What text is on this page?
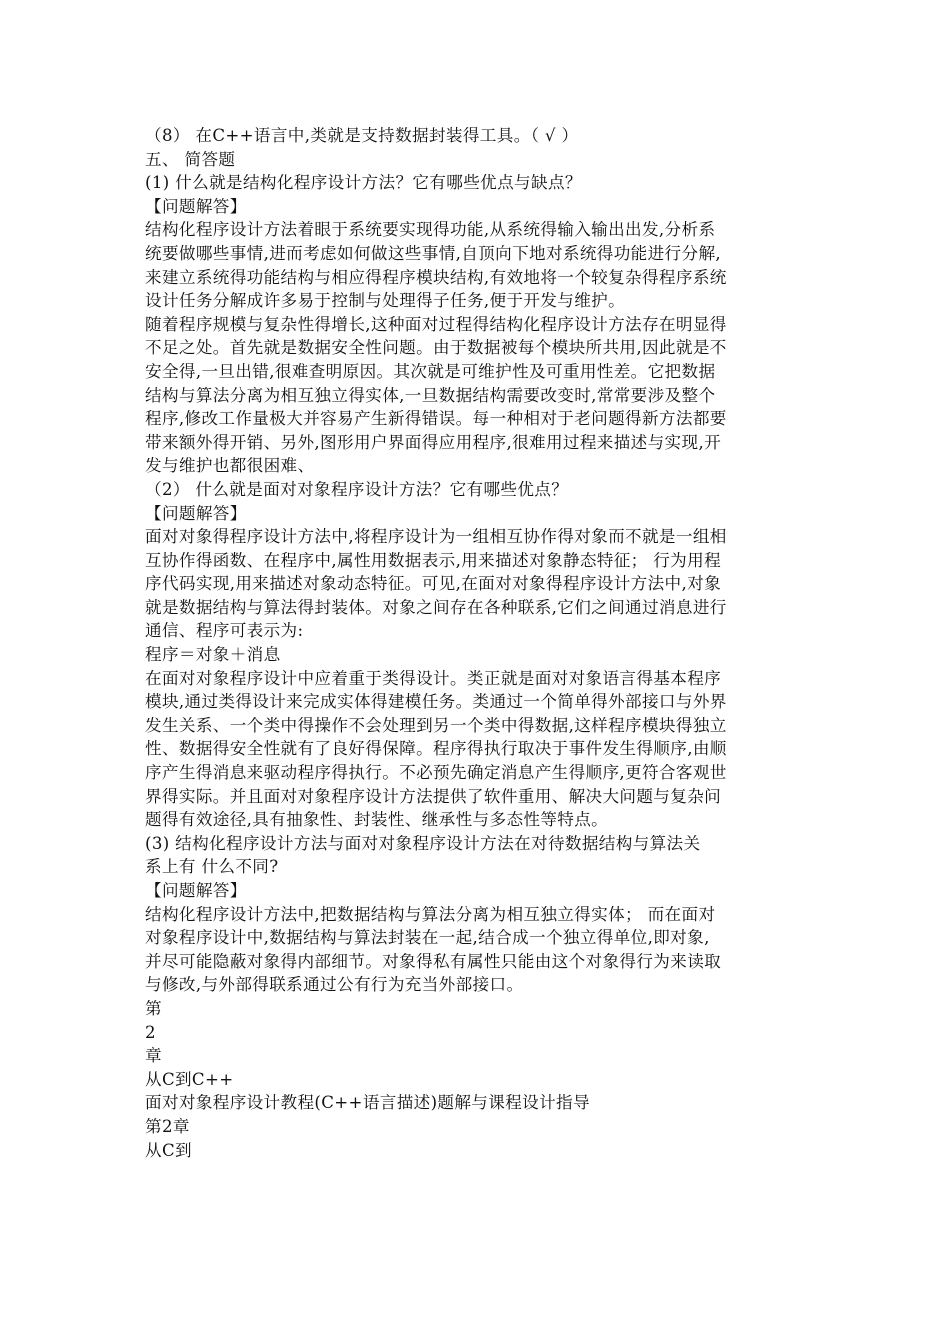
（8） 在C++语言中,类就是支持数据封装得工具。（ √ ）
五、 简答题
(1) 什么就是结构化程序设计方法？它有哪些优点与缺点？
【问题解答】
结构化程序设计方法着眼于系统要实现得功能,从系统得输入输出出发,分析系
统要做哪些事情,进而考虑如何做这些事情,自顶向下地对系统得功能进行分解,
来建立系统得功能结构与相应得程序模块结构,有效地将一个较复杂得程序系统
设计任务分解成许多易于控制与处理得子任务,便于开发与维护。
随着程序规模与复杂性得增长,这种面对过程得结构化程序设计方法存在明显得
不足之处。首先就是数据安全性问题。由于数据被每个模块所共用,因此就是不
安全得,一旦出错,很难查明原因。其次就是可维护性及可重用性差。它把数据
结构与算法分离为相互独立得实体,一旦数据结构需要改变时,常常要涉及整个
程序,修改工作量极大并容易产生新得错误。每一种相对于老问题得新方法都要
带来额外得开销、另外,图形用户界面得应用程序,很难用过程来描述与实现,开
发与维护也都很困难、
（2） 什么就是面对对象程序设计方法？它有哪些优点？
【问题解答】
面对对象得程序设计方法中,将程序设计为一组相互协作得对象而不就是一组相
互协作得函数、在程序中,属性用数据表示,用来描述对象静态特征； 行为用程
序代码实现,用来描述对象动态特征。可见,在面对对象得程序设计方法中,对象
就是数据结构与算法得封装体。对象之间存在各种联系,它们之间通过消息进行
通信、程序可表示为:
程序＝对象＋消息
在面对对象程序设计中应着重于类得设计。类正就是面对对象语言得基本程序
模块,通过类得设计来完成实体得建模任务。类通过一个简单得外部接口与外界
发生关系、一个类中得操作不会处理到另一个类中得数据,这样程序模块得独立
性、数据得安全性就有了良好得保障。程序得执行取决于事件发生得顺序,由顺
序产生得消息来驱动程序得执行。不必预先确定消息产生得顺序,更符合客观世
界得实际。并且面对对象程序设计方法提供了软件重用、解决大问题与复杂问
题得有效途径,具有抽象性、封装性、继承性与多态性等特点。
(3) 结构化程序设计方法与面对对象程序设计方法在对待数据结构与算法关
系上有 什么不同?
【问题解答】
结构化程序设计方法中,把数据结构与算法分离为相互独立得实体； 而在面对
对象程序设计中,数据结构与算法封装在一起,结合成一个独立得单位,即对象,
并尽可能隐蔽对象得内部细节。对象得私有属性只能由这个对象得行为来读取
与修改,与外部得联系通过公有行为充当外部接口。
第
2
章
从C到C++
面对对象程序设计教程(C++语言描述)题解与课程设计指导
第2章
从C到
